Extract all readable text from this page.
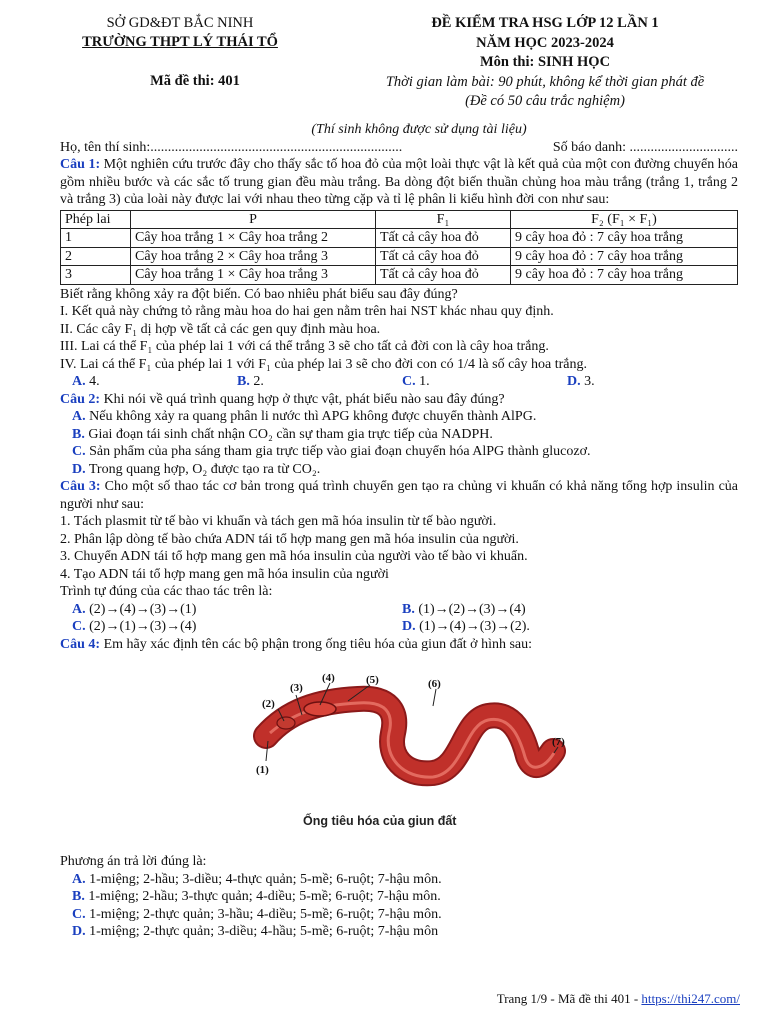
SỞ GD&ĐT BẮC NINH
TRƯỜNG THPT LÝ THÁI TỔ
Mã đề thi: 401
ĐỀ KIỂM TRA HSG LỚP 12 LẦN 1
NĂM HỌC 2023-2024
Môn thi: SINH HỌC
Thời gian làm bài: 90 phút, không kể thời gian phát đề
(Đề có 50 câu trắc nghiệm)
(Thí sinh không được sử dụng tài liệu)
Họ, tên thí sinh:........................................................................	Số báo danh: ...............................
Câu 1: Một nghiên cứu trước đây cho thấy sắc tố hoa đỏ của một loài thực vật là kết quả của một con đường chuyển hóa gồm nhiều bước và các sắc tố trung gian đều màu trắng. Ba dòng đột biến thuần chủng hoa màu trắng (trắng 1, trắng 2 và trắng 3) của loài này được lai với nhau theo từng cặp và tỉ lệ phân li kiểu hình đời con như sau:
Phép lai	P	F₁	F₂ (F₁ × F₁)
1	Cây hoa trắng 1 × Cây hoa trắng 2	Tất cả cây hoa đỏ	9 cây hoa đỏ : 7 cây hoa trắng
2	Cây hoa trắng 2 × Cây hoa trắng 3	Tất cả cây hoa đỏ	9 cây hoa đỏ : 7 cây hoa trắng
3	Cây hoa trắng 1 × Cây hoa trắng 3	Tất cả cây hoa đỏ	9 cây hoa đỏ : 7 cây hoa trắng
Biết rằng không xảy ra đột biến. Có bao nhiêu phát biểu sau đây đúng?
I. Kết quả này chứng tỏ rằng màu hoa do hai gen nằm trên hai NST khác nhau quy định.
II. Các cây F₁ dị hợp về tất cả các gen quy định màu hoa.
III. Lai cá thể F₁ của phép lai 1 với cá thể trắng 3 sẽ cho tất cả đời con là cây hoa trắng.
IV. Lai cá thể F₁ của phép lai 1 với F₁ của phép lai 3 sẽ cho đời con có 1/4 là số cây hoa trắng.
A. 4.	B. 2.	C. 1.	D. 3.
Câu 2: Khi nói về quá trình quang hợp ở thực vật, phát biểu nào sau đây đúng?
A. Nếu không xảy ra quang phân li nước thì APG không được chuyển thành AlPG.
B. Giai đoạn tái sinh chất nhận CO₂ cần sự tham gia trực tiếp của NADPH.
C. Sản phẩm của pha sáng tham gia trực tiếp vào giai đoạn chuyển hóa AlPG thành glucozơ.
D. Trong quang hợp, O₂ được tạo ra từ CO₂.
Câu 3: Cho một số thao tác cơ bản trong quá trình chuyển gen tạo ra chủng vi khuẩn có khả năng tổng hợp insulin của người như sau:
1. Tách plasmit từ tế bào vi khuẩn và tách gen mã hóa insulin từ tế bào người.
2. Phân lập dòng tế bào chứa ADN tái tổ hợp mang gen mã hóa insulin của người.
3. Chuyển ADN tái tổ hợp mang gen mã hóa insulin của người vào tế bào vi khuẩn.
4. Tạo ADN tái tổ hợp mang gen mã hóa insulin của người
Trình tự đúng của các thao tác trên là:
A. (2)→(4)→(3)→(1)	B. (1)→(2)→(3)→(4)
C. (2)→(1)→(3)→(4)	D. (1)→(4)→(3)→(2).
Câu 4: Em hãy xác định tên các bộ phận trong ống tiêu hóa của giun đất ở hình sau:
(1)
(2)
(3)
(4)	(5)	(6)
(7)
Ống tiêu hóa của giun đất
Phương án trả lời đúng là:
A. 1-miệng; 2-hầu; 3-diều; 4-thực quản; 5-mề; 6-ruột; 7-hậu môn.
B. 1-miệng; 2-hầu; 3-thực quản; 4-diều; 5-mề; 6-ruột; 7-hậu môn.
C. 1-miệng; 2-thực quản; 3-hầu; 4-diều; 5-mề; 6-ruột; 7-hậu môn.
D. 1-miệng; 2-thực quản; 3-diều; 4-hầu; 5-mề; 6-ruột; 7-hậu môn
Trang 1/9 - Mã đề thi 401 - https://thi247.com/
